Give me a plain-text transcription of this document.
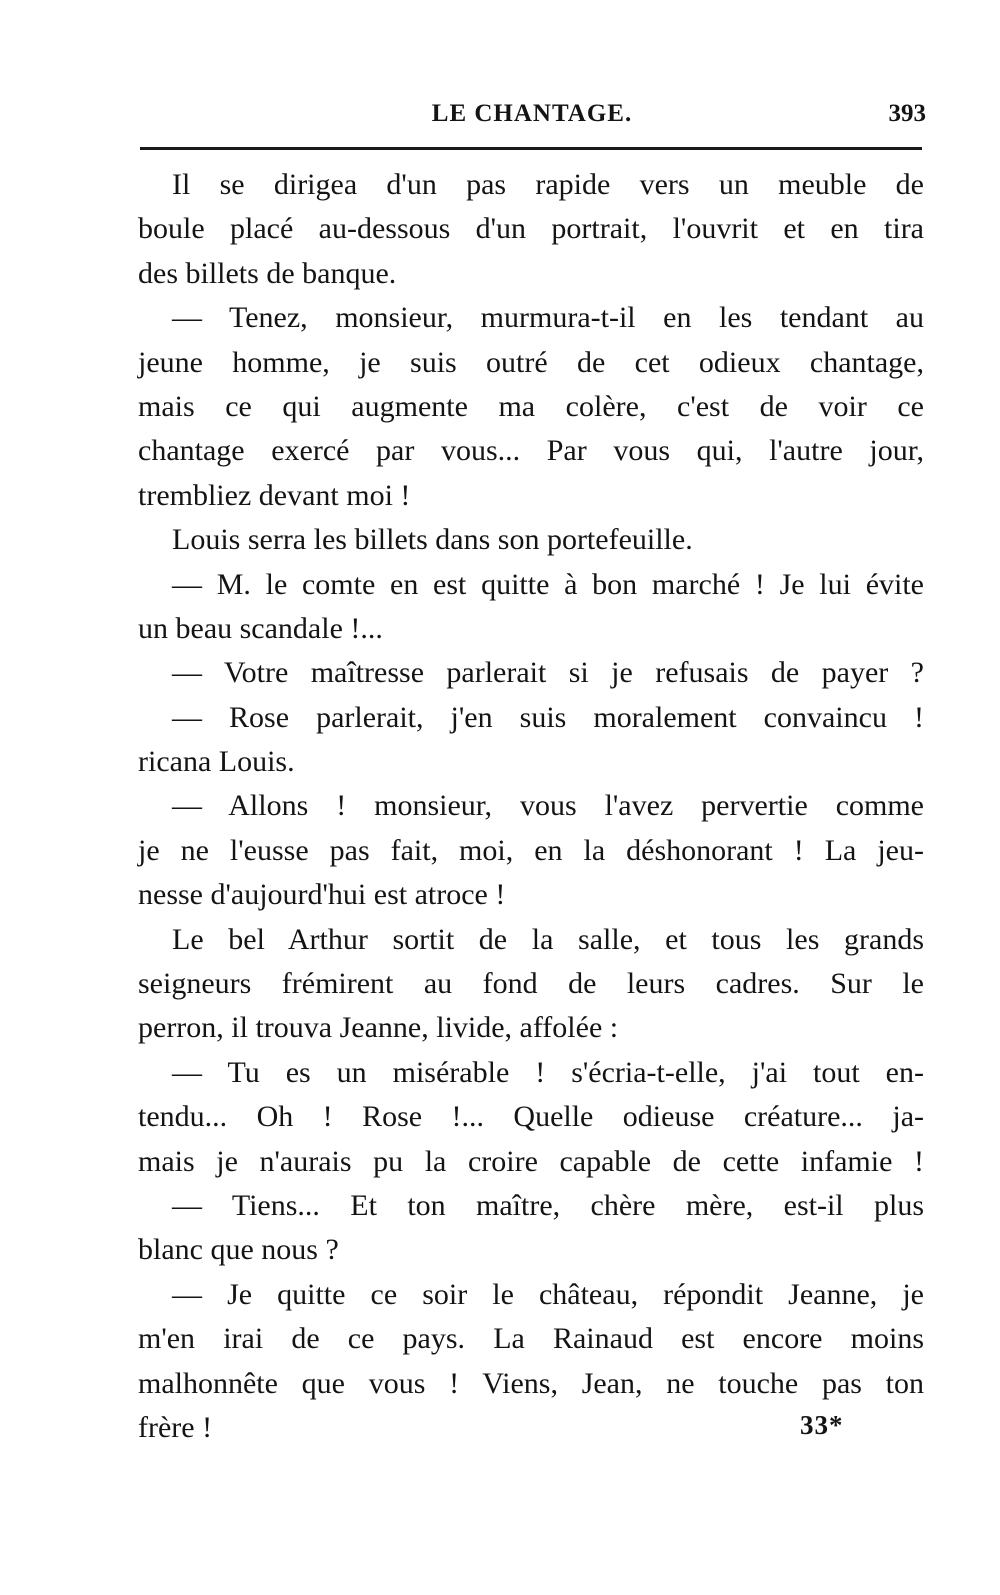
LE CHANTAGE.	393
Il se dirigea d'un pas rapide vers un meuble de
boule placé au-dessous d'un portrait, l'ouvrit et en tira
des billets de banque.
— Tenez, monsieur, murmura-t-il en les tendant au
jeune homme, je suis outré de cet odieux chantage,
mais ce qui augmente ma colère, c'est de voir ce
chantage exercé par vous... Par vous qui, l'autre jour,
trembliez devant moi !
Louis serra les billets dans son portefeuille.
— M. le comte en est quitte à bon marché ! Je lui évite
un beau scandale !...
— Votre maîtresse parlerait si je refusais de payer ?
— Rose parlerait, j'en suis moralement convaincu !
ricana Louis.
— Allons ! monsieur, vous l'avez pervertie comme
je ne l'eusse pas fait, moi, en la déshonorant ! La jeu-
nesse d'aujourd'hui est atroce !
Le bel Arthur sortit de la salle, et tous les grands
seigneurs frémirent au fond de leurs cadres. Sur le
perron, il trouva Jeanne, livide, affolée :
— Tu es un misérable ! s'écria-t-elle, j'ai tout en-
tendu... Oh ! Rose !... Quelle odieuse créature... ja-
mais je n'aurais pu la croire capable de cette infamie !
— Tiens... Et ton maître, chère mère, est-il plus
blanc que nous ?
— Je quitte ce soir le château, répondit Jeanne, je
m'en irai de ce pays. La Rainaud est encore moins
malhonnête que vous ! Viens, Jean, ne touche pas ton
frère !	33*
